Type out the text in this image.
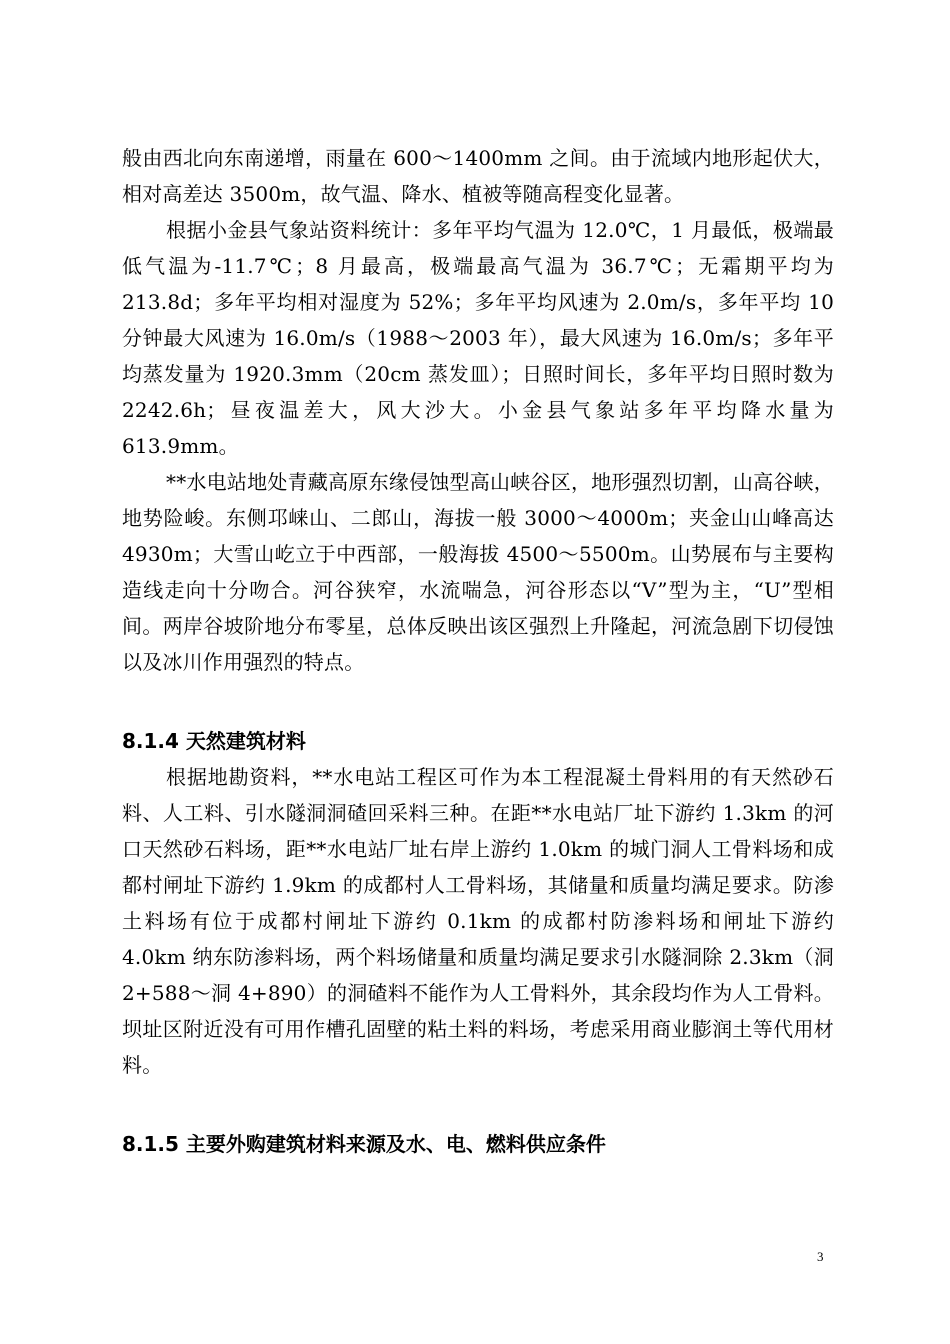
般由西北向东南递增，雨量在 600～1400mm 之间。由于流域内地形起伏大，相对高差达 3500m，故气温、降水、植被等随高程变化显著。

根据小金县气象站资料统计：多年平均气温为 12.0℃，1 月最低，极端最低气温为-11.7℃；8 月最高，极端最高气温为 36.7℃；无霜期平均为 213.8d；多年平均相对湿度为 52%；多年平均风速为 2.0m/s，多年平均 10 分钟最大风速为 16.0m/s（1988～2003 年），最大风速为 16.0m/s；多年平均蒸发量为 1920.3mm（20cm 蒸发皿）；日照时间长，多年平均日照时数为 2242.6h；昼夜温差大，风大沙大。小金县气象站多年平均降水量为 613.9mm。

**水电站地处青藏高原东缘侵蚀型高山峡谷区，地形强烈切割，山高谷峡，地势险峻。东侧邛崃山、二郎山，海拔一般 3000～4000m；夹金山山峰高达 4930m；大雪山屹立于中西部，一般海拔 4500～5500m。山势展布与主要构造线走向十分吻合。河谷狭窄，水流喘急，河谷形态以“V”型为主，“U”型相间。两岸谷坡阶地分布零星，总体反映出该区强烈上升隆起，河流急剧下切侵蚀以及冰川作用强烈的特点。

8.1.4 天然建筑材料

根据地勘资料，**水电站工程区可作为本工程混凝土骨料用的有天然砂石料、人工料、引水隧洞洞碴回采料三种。在距**水电站厂址下游约 1.3km 的河口天然砂石料场，距**水电站厂址右岸上游约 1.0km 的城门洞人工骨料场和成都村闸址下游约 1.9km 的成都村人工骨料场，其储量和质量均满足要求。防渗土料场有位于成都村闸址下游约 0.1km 的成都村防渗料场和闸址下游约 4.0km 纳东防渗料场，两个料场储量和质量均满足要求引水隧洞除 2.3km（洞 2+588～洞 4+890）的洞碴料不能作为人工骨料外，其余段均作为人工骨料。坝址区附近没有可用作槽孔固壁的粘土料的料场，考虑采用商业膨润土等代用材料。

8.1.5 主要外购建筑材料来源及水、电、燃料供应条件
3
